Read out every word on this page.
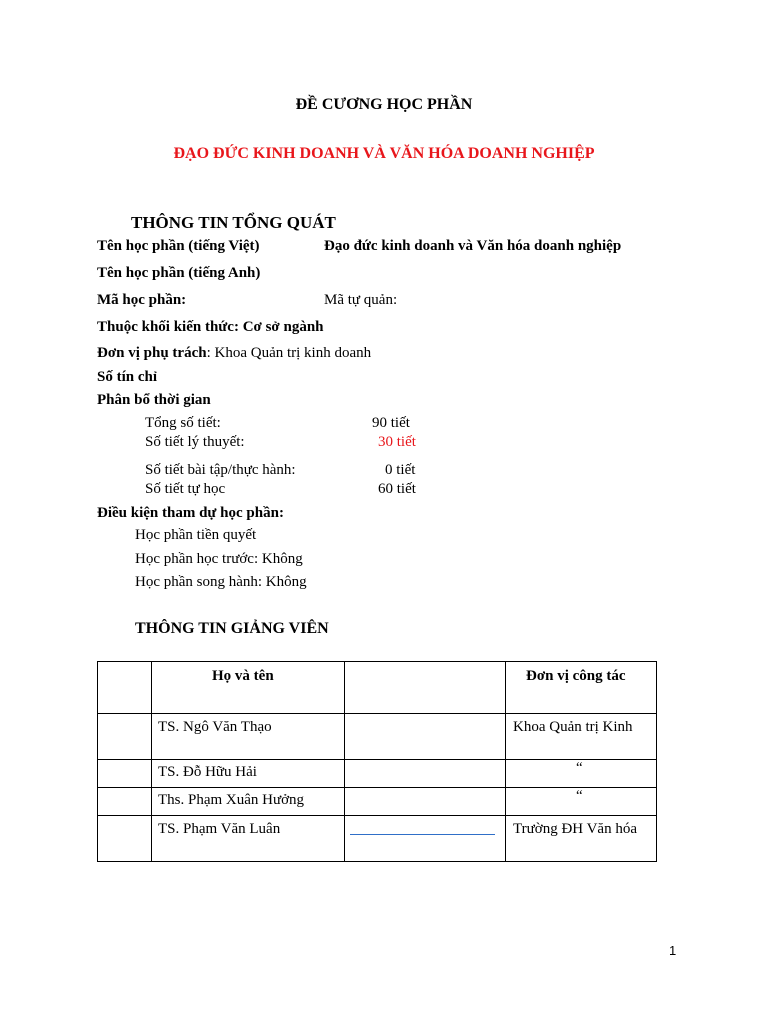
ĐỀ CƯƠNG HỌC PHẦN
ĐẠO ĐỨC KINH DOANH VÀ VĂN HÓA DOANH NGHIỆP
THÔNG TIN TỔNG QUÁT
Tên học phần (tiếng Việt)	Đạo đức kinh doanh và Văn hóa doanh nghiệp
Tên học phần (tiếng Anh)
Mã học phần:	Mã tự quản:
Thuộc khối kiến thức: Cơ sở ngành
Đơn vị phụ trách: Khoa Quản trị kinh doanh
Số tín chỉ
Phân bổ thời gian
Tổng số tiết:	90 tiết
Số tiết lý thuyết:	30 tiết
Số tiết bài tập/thực hành:	0 tiết
Số tiết tự học	60 tiết
Điều kiện tham dự học phần:
Học phần tiền quyết
Học phần học trước: Không
Học phần song hành: Không
THÔNG TIN GIẢNG VIÊN

	Họ và tên		Đơn vị công tác

	TS. Ngô Văn Thạo		Khoa Quản trị Kinh

	TS. Đỗ Hữu Hải		“

	Ths. Phạm Xuân Hưởng		“

	TS. Phạm Văn Luân		Trường ĐH Văn hóa
1
